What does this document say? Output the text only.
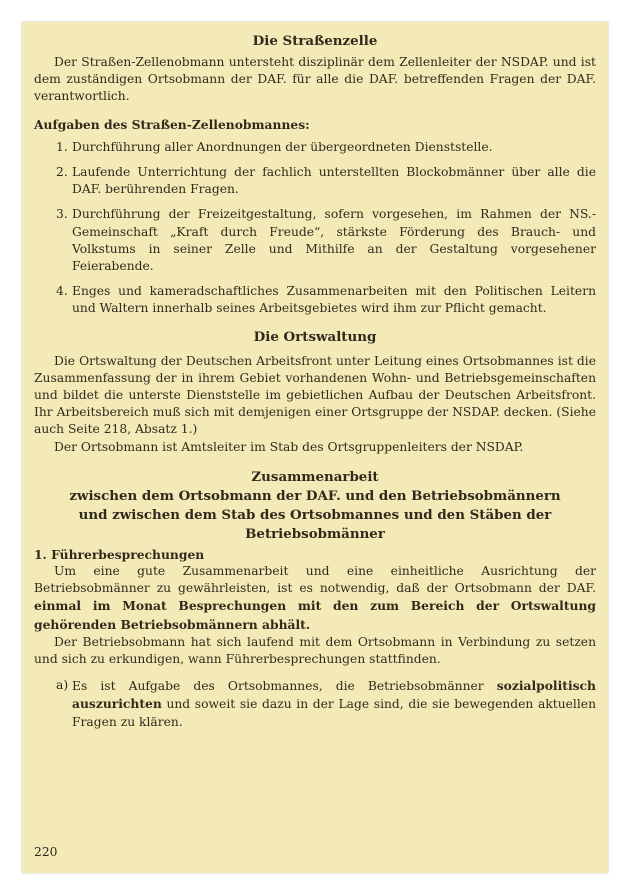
Die Straßenzelle

Der Straßen-Zellenobmann untersteht disziplinär dem Zellenleiter der NSDAP. und ist dem zuständigen Ortsobmann der DAF. für alle die DAF. betreffenden Fragen der DAF. verantwortlich.

Aufgaben des Straßen-Zellenobmannes:

1. Durchführung aller Anordnungen der übergeordneten Dienststelle.
2. Laufende Unterrichtung der fachlich unterstellten Blockobmänner über alle die DAF. berührenden Fragen.
3. Durchführung der Freizeitgestaltung, sofern vorgesehen, im Rahmen der NS.-Gemeinschaft „Kraft durch Freude“, stärkste Förderung des Brauch- und Volkstums in seiner Zelle und Mithilfe an der Gestaltung vorgesehener Feierabende.
4. Enges und kameradschaftliches Zusammenarbeiten mit den Politischen Leitern und Waltern innerhalb seines Arbeitsgebietes wird ihm zur Pflicht gemacht.
Die Ortswaltung

Die Ortswaltung der Deutschen Arbeitsfront unter Leitung eines Ortsobmannes ist die Zusammenfassung der in ihrem Gebiet vorhandenen Wohn- und Betriebsgemeinschaften und bildet die unterste Dienststelle im gebietlichen Aufbau der Deutschen Arbeitsfront. Ihr Arbeitsbereich muß sich mit demjenigen einer Ortsgruppe der NSDAP. decken. (Siehe auch Seite 218, Absatz 1.)

Der Ortsobmann ist Amtsleiter im Stab des Ortsgruppenleiters der NSDAP.

Zusammenarbeit
zwischen dem Ortsobmann der DAF. und den Betriebsobmännern
und zwischen dem Stab des Ortsobmannes und den Stäben der
Betriebsobmänner

1. Führerbesprechungen

Um eine gute Zusammenarbeit und eine einheitliche Ausrichtung der Betriebsobmänner zu gewährleisten, ist es notwendig, daß der Ortsobmann der DAF. einmal im Monat Besprechungen mit den zum Bereich der Ortswaltung gehörenden Betriebsobmännern abhält.

Der Betriebsobmann hat sich laufend mit dem Ortsobmann in Verbindung zu setzen und sich zu erkundigen, wann Führerbesprechungen stattfinden.

a) Es ist Aufgabe des Ortsobmannes, die Betriebsobmänner sozialpolitisch auszurichten und soweit sie dazu in der Lage sind, die sie bewegenden aktuellen Fragen zu klären.
220
